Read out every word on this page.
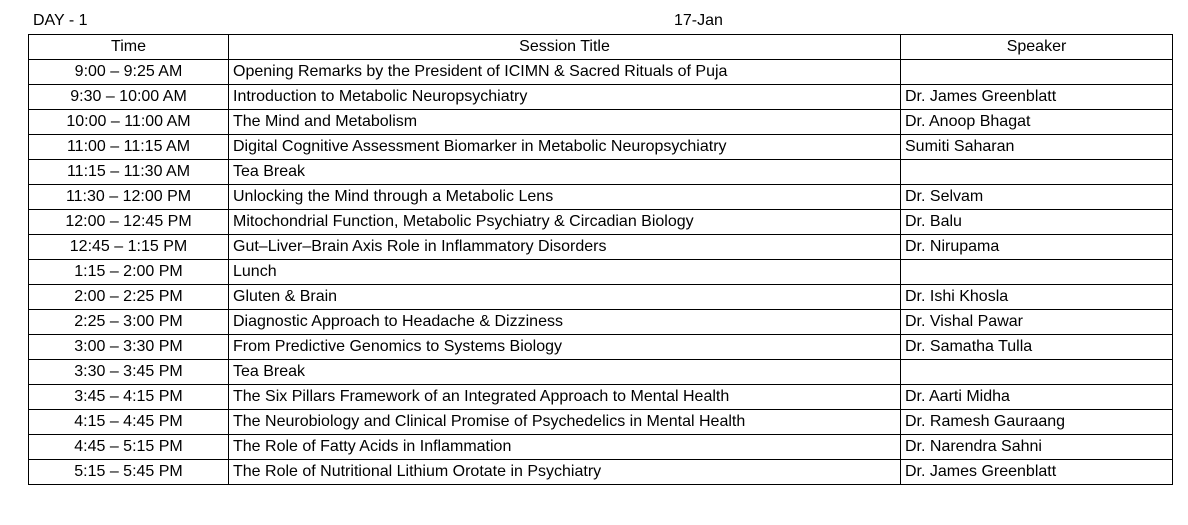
DAY - 1	17-Jan
Time	Session Title	Speaker
9:00 – 9:25 AM	Opening Remarks by the President of ICIMN & Sacred Rituals of Puja	
9:30 – 10:00 AM	Introduction to Metabolic Neuropsychiatry	Dr. James Greenblatt
10:00 – 11:00 AM	The Mind and Metabolism	Dr. Anoop Bhagat
11:00 – 11:15 AM	Digital Cognitive Assessment Biomarker in Metabolic Neuropsychiatry	Sumiti Saharan
11:15 – 11:30 AM	Tea Break	
11:30 – 12:00 PM	Unlocking the Mind through a Metabolic Lens	Dr. Selvam
12:00 – 12:45 PM	Mitochondrial Function, Metabolic Psychiatry & Circadian Biology	Dr. Balu
12:45 – 1:15 PM	Gut–Liver–Brain Axis Role in Inflammatory Disorders	Dr. Nirupama
1:15 – 2:00 PM	Lunch	
2:00 – 2:25 PM	Gluten & Brain	Dr. Ishi Khosla
2:25 – 3:00 PM	Diagnostic Approach to Headache & Dizziness	Dr. Vishal Pawar
3:00 – 3:30 PM	From Predictive Genomics to Systems Biology	Dr. Samatha Tulla
3:30 – 3:45 PM	Tea Break	
3:45 – 4:15 PM	The Six Pillars Framework of an Integrated Approach to Mental Health	Dr. Aarti Midha
4:15 – 4:45 PM	The Neurobiology and Clinical Promise of Psychedelics in Mental Health	Dr. Ramesh Gauraang
4:45 – 5:15 PM	The Role of Fatty Acids in Inflammation	Dr. Narendra Sahni
5:15 – 5:45 PM	The Role of Nutritional Lithium Orotate in Psychiatry	Dr. James Greenblatt
